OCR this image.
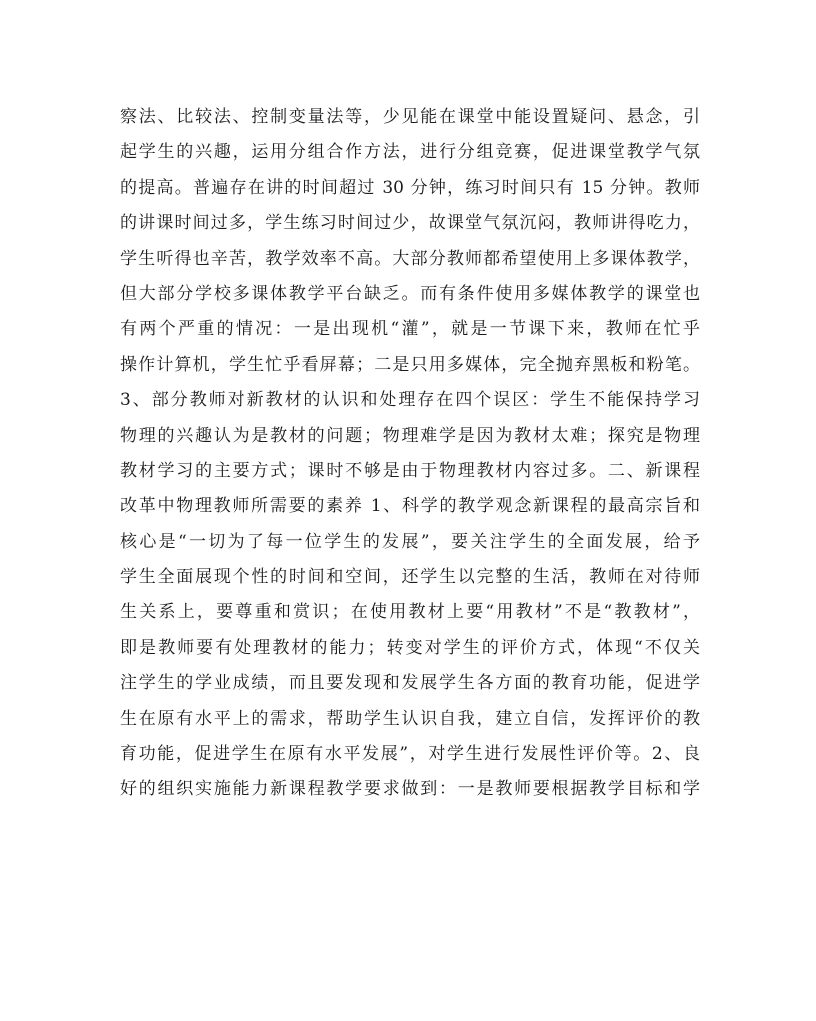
察法、比较法、控制变量法等，少见能在课堂中能设置疑问、悬念，引
起学生的兴趣，运用分组合作方法，进行分组竞赛，促进课堂教学气氛
的提高。普遍存在讲的时间超过 30 分钟，练习时间只有 15 分钟。教师
的讲课时间过多，学生练习时间过少，故课堂气氛沉闷，教师讲得吃力，
学生听得也辛苦，教学效率不高。大部分教师都希望使用上多课体教学，
但大部分学校多课体教学平台缺乏。而有条件使用多媒体教学的课堂也
有两个严重的情况：一是出现机“灌”，就是一节课下来，教师在忙乎
操作计算机，学生忙乎看屏幕；二是只用多媒体，完全抛弃黑板和粉笔。
3、部分教师对新教材的认识和处理存在四个误区：学生不能保持学习
物理的兴趣认为是教材的问题；物理难学是因为教材太难；探究是物理
教材学习的主要方式；课时不够是由于物理教材内容过多。二、新课程
改革中物理教师所需要的素养 1、科学的教学观念新课程的最高宗旨和
核心是“一切为了每一位学生的发展”，要关注学生的全面发展，给予
学生全面展现个性的时间和空间，还学生以完整的生活，教师在对待师
生关系上，要尊重和赏识；在使用教材上要“用教材”不是“教教材”，
即是教师要有处理教材的能力；转变对学生的评价方式，体现“不仅关
注学生的学业成绩，而且要发现和发展学生各方面的教育功能，促进学
生在原有水平上的需求，帮助学生认识自我，建立自信，发挥评价的教
育功能，促进学生在原有水平发展”，对学生进行发展性评价等。2、良
好的组织实施能力新课程教学要求做到：一是教师要根据教学目标和学
